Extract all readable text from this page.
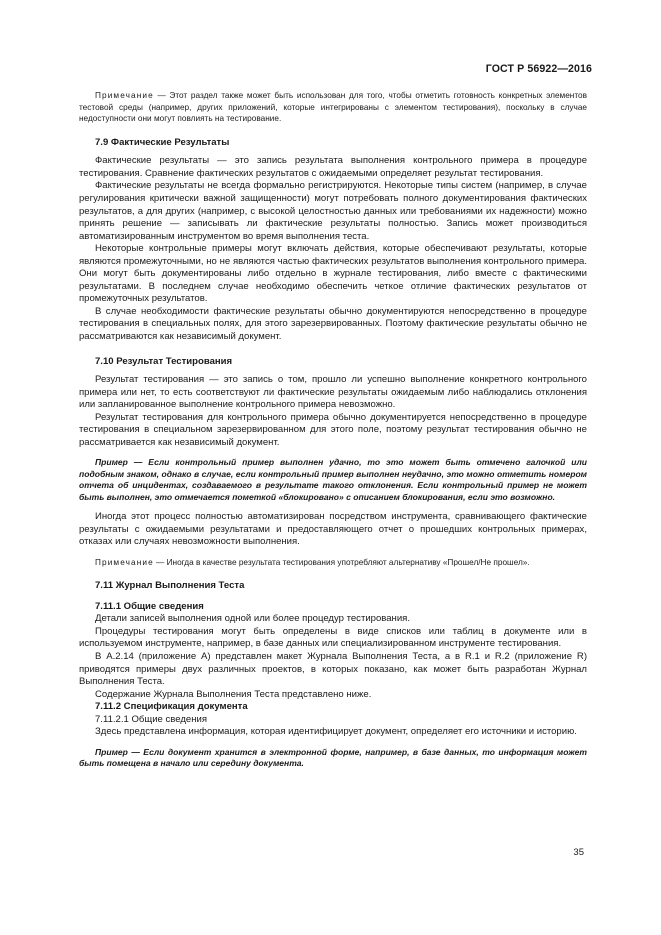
ГОСТ Р 56922—2016

Примечание — Этот раздел также может быть использован для того, чтобы отметить готовность конкретных элементов тестовой среды (например, других приложений, которые интегрированы с элементом тестирования), поскольку в случае недоступности они могут повлиять на тестирование.

7.9 Фактические Результаты

Фактические результаты — это запись результата выполнения контрольного примера в процедуре тестирования. Сравнение фактических результатов с ожидаемыми определяет результат тестирования.

Фактические результаты не всегда формально регистрируются. Некоторые типы систем (например, в случае регулирования критически важной защищенности) могут потребовать полного документирования фактических результатов, а для других (например, с высокой целостностью данных или требованиями их надежности) можно принять решение — записывать ли фактические результаты полностью. Запись может производиться автоматизированным инструментом во время выполнения теста.

Некоторые контрольные примеры могут включать действия, которые обеспечивают результаты, которые являются промежуточными, но не являются частью фактических результатов выполнения контрольного примера. Они могут быть документированы либо отдельно в журнале тестирования, либо вместе с фактическими результатами. В последнем случае необходимо обеспечить четкое отличие фактических результатов от промежуточных результатов.

В случае необходимости фактические результаты обычно документируются непосредственно в процедуре тестирования в специальных полях, для этого зарезервированных. Поэтому фактические результаты обычно не рассматриваются как независимый документ.

7.10 Результат Тестирования

Результат тестирования — это запись о том, прошло ли успешно выполнение конкретного контрольного примера или нет, то есть соответствуют ли фактические результаты ожидаемым либо наблюдались отклонения или запланированное выполнение контрольного примера невозможно.

Результат тестирования для контрольного примера обычно документируется непосредственно в процедуре тестирования в специальном зарезервированном для этого поле, поэтому результат тестирования обычно не рассматривается как независимый документ.

Пример — Если контрольный пример выполнен удачно, то это может быть отмечено галочкой или подобным знаком, однако в случае, если контрольный пример выполнен неудачно, это можно отметить номером отчета об инцидентах, создаваемого в результате такого отклонения. Если контрольный пример не может быть выполнен, это отмечается пометкой «блокировано» с описанием блокирования, если это возможно.

Иногда этот процесс полностью автоматизирован посредством инструмента, сравнивающего фактические результаты с ожидаемыми результатами и предоставляющего отчет о прошедших контрольных примерах, отказах или случаях невозможности выполнения.

Примечание — Иногда в качестве результата тестирования употребляют альтернативу «Прошел/Не прошел».

7.11 Журнал Выполнения Теста

7.11.1 Общие сведения

Детали записей выполнения одной или более процедур тестирования.

Процедуры тестирования могут быть определены в виде списков или таблиц в документе или в используемом инструменте, например, в базе данных или специализированном инструменте тестирования.

В А.2.14 (приложение А) представлен макет Журнала Выполнения Теста, а в R.1 и R.2 (приложение R) приводятся примеры двух различных проектов, в которых показано, как может быть разработан Журнал Выполнения Теста.

Содержание Журнала Выполнения Теста представлено ниже.

7.11.2 Спецификация документа

7.11.2.1 Общие сведения

Здесь представлена информация, которая идентифицирует документ, определяет его источники и историю.

Пример — Если документ хранится в электронной форме, например, в базе данных, то информация может быть помещена в начало или середину документа.

35
